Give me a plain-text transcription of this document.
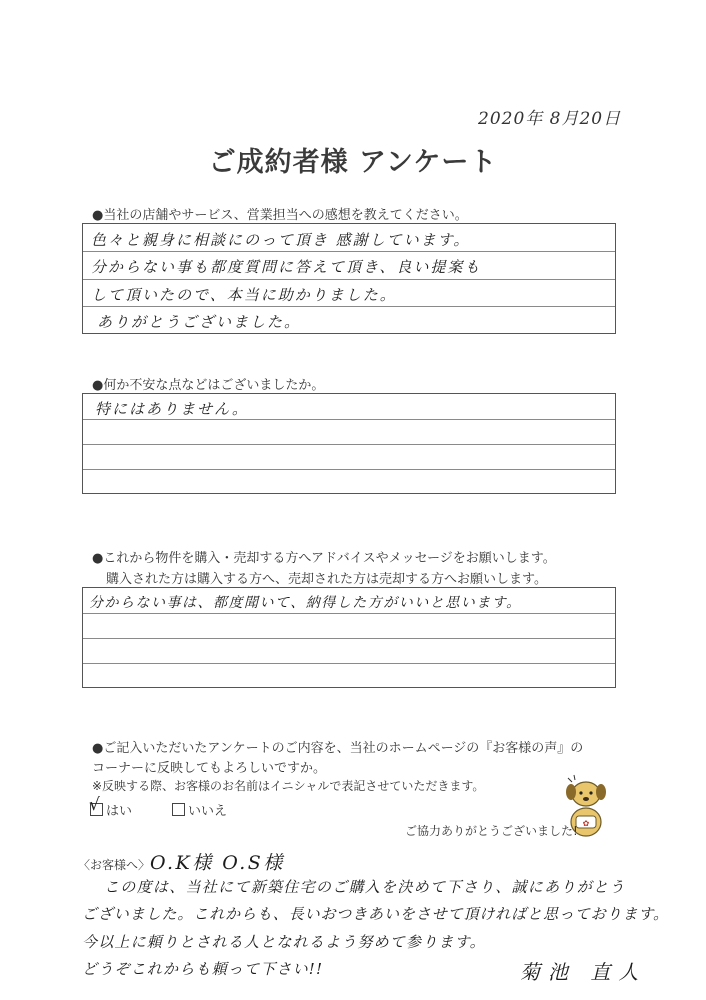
2020年 8月20日
ご成約者様 アンケート
●当社の店舗やサービス、営業担当への感想を教えてください。
色々と親身に相談にのって頂き 感謝しています。
分からない事も都度質問に答えて頂き、良い提案も
して頂いたので、本当に助かりました。
ありがとうございました。
●何か不安な点などはございましたか。
特にはありません。
●これから物件を購入・売却する方へアドバイスやメッセージをお願いします。
購入された方は購入する方へ、売却された方は売却する方へお願いします。
分からない事は、都度聞いて、納得した方がいいと思います。
●ご記入いただいたアンケートのご内容を、当社のホームページの『お客様の声』の
コーナーに反映してもよろしいですか。
※反映する際、お客様のお名前はイニシャルで表記させていただきます。
√ はい	いいえ
✿
ご協力ありがとうございました!
〈お客様へ〉 O.K様 O.S様
この度は、当社にて新築住宅のご購入を決めて下さり、誠にありがとう
ございました。これからも、長いおつきあいをさせて頂ければと思っております。
今以上に頼りとされる人となれるよう努めて参ります。
どうぞこれからも頼って下さい!!	菊池 直人
